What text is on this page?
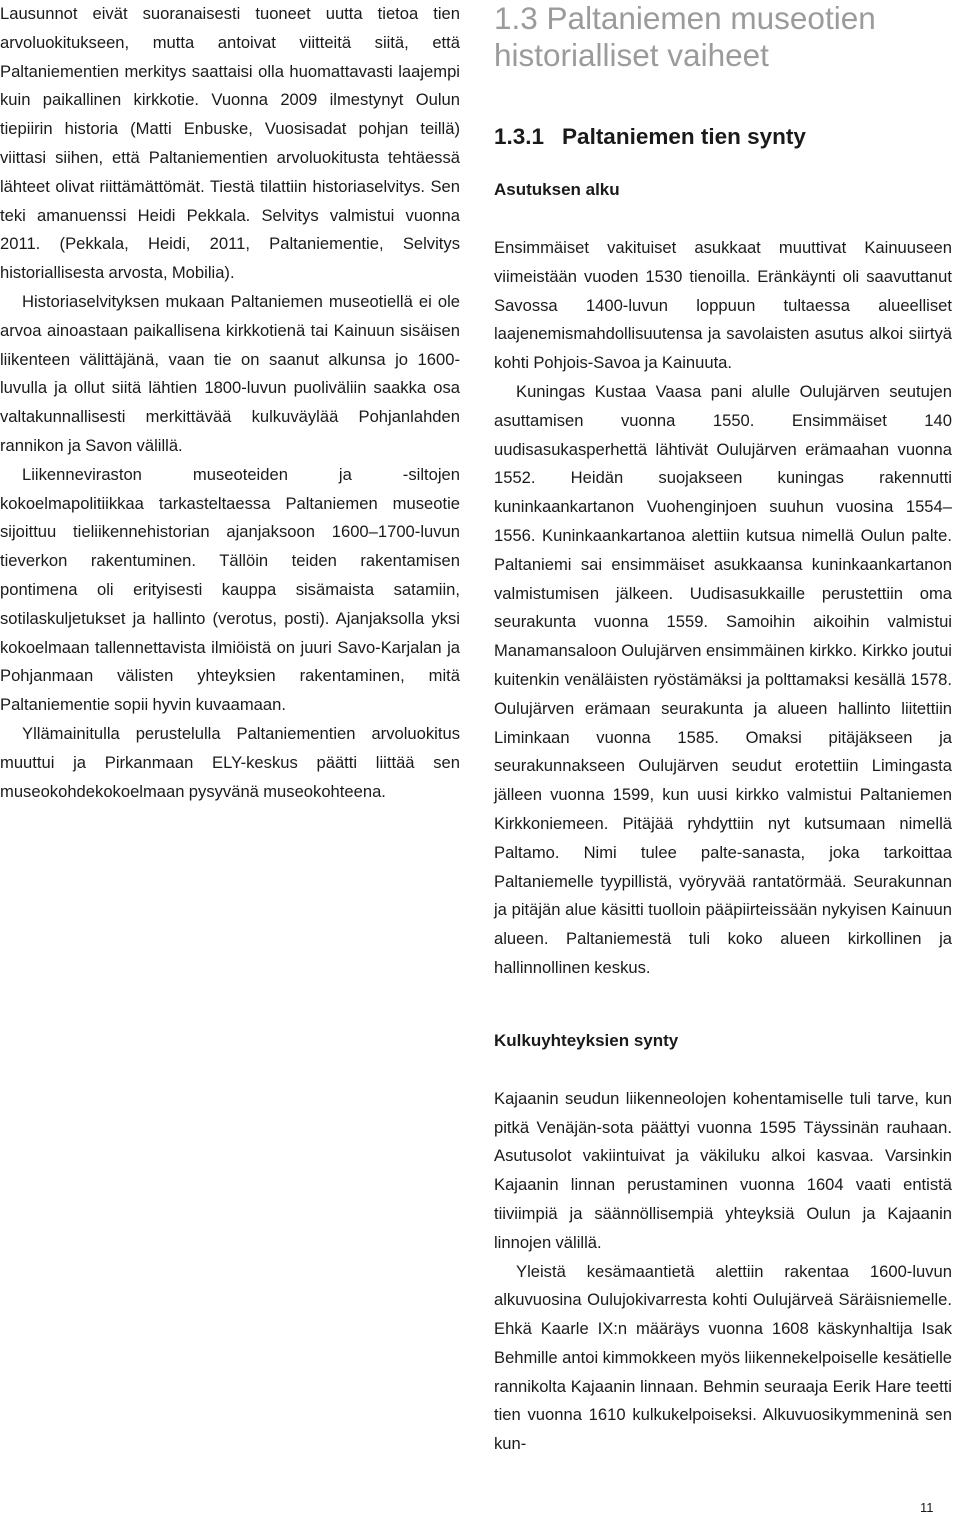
Lausunnot eivät suoranaisesti tuoneet uutta tietoa tien arvoluokitukseen, mutta antoivat viitteitä siitä, että Paltaniementien merkitys saattaisi olla huomattavasti laajempi kuin paikallinen kirkkotie. Vuonna 2009 ilmestynyt Oulun tiepiirin historia (Matti Enbuske, Vuosisadat pohjan teillä) viittasi siihen, että Paltaniementien arvoluokitusta tehtäessä lähteet olivat riittämättömät. Tiestä tilattiin historiaselvitys. Sen teki amanuenssi Heidi Pekkala. Selvitys valmistui vuonna 2011. (Pekkala, Heidi, 2011, Paltaniementie, Selvitys historiallisesta arvosta, Mobilia).

Historiaselvityksen mukaan Paltaniemen museotiellä ei ole arvoa ainoastaan paikallisena kirkkotienä tai Kainuun sisäisen liikenteen välittäjänä, vaan tie on saanut alkunsa jo 1600-luvulla ja ollut siitä lähtien 1800-luvun puoliväliin saakka osa valtakunnallisesti merkittävää kulkuväylää Pohjanlahden rannikon ja Savon välillä.

Liikenneviraston museoteiden ja -siltojen kokoelmapolitiikkaa tarkasteltaessa Paltaniemen museotie sijoittuu tieliikennehistorian ajanjaksoon 1600–1700-luvun tieverkon rakentuminen. Tällöin teiden rakentamisen pontimena oli erityisesti kauppa sisämaista satamiin, sotilaskuljetukset ja hallinto (verotus, posti). Ajanjaksolla yksi kokoelmaan tallennettavista ilmiöistä on juuri Savo-Karjalan ja Pohjanmaan välisten yhteyksien rakentaminen, mitä Paltaniementie sopii hyvin kuvaamaan.

Yllämainitulla perustelulla Paltaniementien arvoluokitus muuttui ja Pirkanmaan ELY-keskus päätti liittää sen museokohdekokoelmaan pysyvänä museokohteena.

1.3 Paltaniemen museotien historialliset vaiheet
1.3.1 Paltaniemen tien synty
Asutuksen alku

Ensimmäiset vakituiset asukkaat muuttivat Kainuuseen viimeistään vuoden 1530 tienoilla. Eränkäynti oli saavuttanut Savossa 1400-luvun loppuun tultaessa alueelliset laajenemismahdollisuutensa ja savolaisten asutus alkoi siirtyä kohti Pohjois-Savoa ja Kainuuta.

Kuningas Kustaa Vaasa pani alulle Oulujärven seutujen asuttamisen vuonna 1550. Ensimmäiset 140 uudisasukasperhettä lähtivät Oulujärven erämaahan vuonna 1552. Heidän suojakseen kuningas rakennutti kuninkaankartanon Vuohenginjoen suuhun vuosina 1554–1556. Kuninkaankartanoa alettiin kutsua nimellä Oulun palte. Paltaniemi sai ensimmäiset asukkaansa kuninkaankartanon valmistumisen jälkeen. Uudisasukkaille perustettiin oma seurakunta vuonna 1559. Samoihin aikoihin valmistui Manamansaloon Oulujärven ensimmäinen kirkko. Kirkko joutui kuitenkin venäläisten ryöstämäksi ja polttamaksi kesällä 1578. Oulujärven erämaan seurakunta ja alueen hallinto liitettiin Liminkaan vuonna 1585. Omaksi pitäjäkseen ja seurakunnakseen Oulujärven seudut erotettiin Limingasta jälleen vuonna 1599, kun uusi kirkko valmistui Paltaniemen Kirkkoniemeen. Pitäjää ryhdyttiin nyt kutsumaan nimellä Paltamo. Nimi tulee palte-sanasta, joka tarkoittaa Paltaniemelle tyypillistä, vyöryvää rantatörmää. Seurakunnan ja pitäjän alue käsitti tuolloin pääpiirteissään nykyisen Kainuun alueen. Paltaniemestä tuli koko alueen kirkollinen ja hallinnollinen keskus.

Kulkuyhteyksien synty

Kajaanin seudun liikenneolojen kohentamiselle tuli tarve, kun pitkä Venäjän-sota päättyi vuonna 1595 Täyssinän rauhaan. Asutusolot vakiintuivat ja väkiluku alkoi kasvaa. Varsinkin Kajaanin linnan perustaminen vuonna 1604 vaati entistä tiiviimpiä ja säännöllisempiä yhteyksiä Oulun ja Kajaanin linnojen välillä.

Yleistä kesämaantietä alettiin rakentaa 1600-luvun alkuvuosina Oulujokivarresta kohti Oulujärveä Säräisniemelle. Ehkä Kaarle IX:n määräys vuonna 1608 käskynhaltija Isak Behmille antoi kimmokkeen myös liikennekelpoiselle kesätielle rannikolta Kajaanin linnaan. Behmin seuraaja Eerik Hare teetti tien vuonna 1610 kulkukelpoiseksi. Alkuvuosikymmeninä sen kun-

11
